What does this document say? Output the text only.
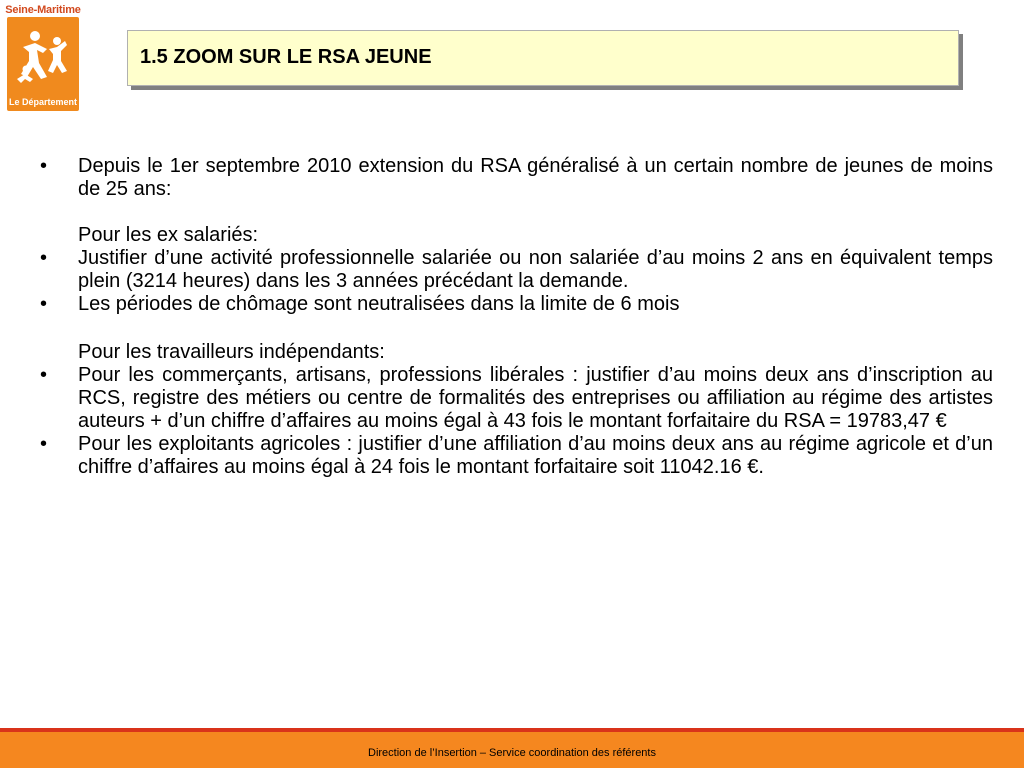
Seine-Maritime
Le Département
1.5 ZOOM SUR LE RSA JEUNE

• Depuis le 1er septembre 2010 extension du RSA généralisé à un certain nombre de jeunes de moins de 25 ans:

Pour les ex salariés:

• Justifier d’une activité professionnelle salariée ou non salariée d’au moins 2 ans en équivalent temps plein (3214 heures) dans les 3 années précédant la demande.

• Les périodes de chômage sont neutralisées dans la limite de 6 mois

Pour les travailleurs indépendants:

• Pour les commerçants, artisans, professions libérales : justifier d’au moins deux ans d’inscription au RCS, registre des métiers ou centre de formalités des entreprises ou affiliation au régime des artistes auteurs + d’un chiffre d’affaires au moins égal à 43 fois le montant forfaitaire du RSA = 19783,47 €

• Pour les exploitants agricoles : justifier d’une affiliation d’au moins deux ans au régime agricole et d’un chiffre d’affaires au moins égal à 24 fois le montant forfaitaire soit 11042.16 €.

Direction de l’Insertion – Service coordination des référents
